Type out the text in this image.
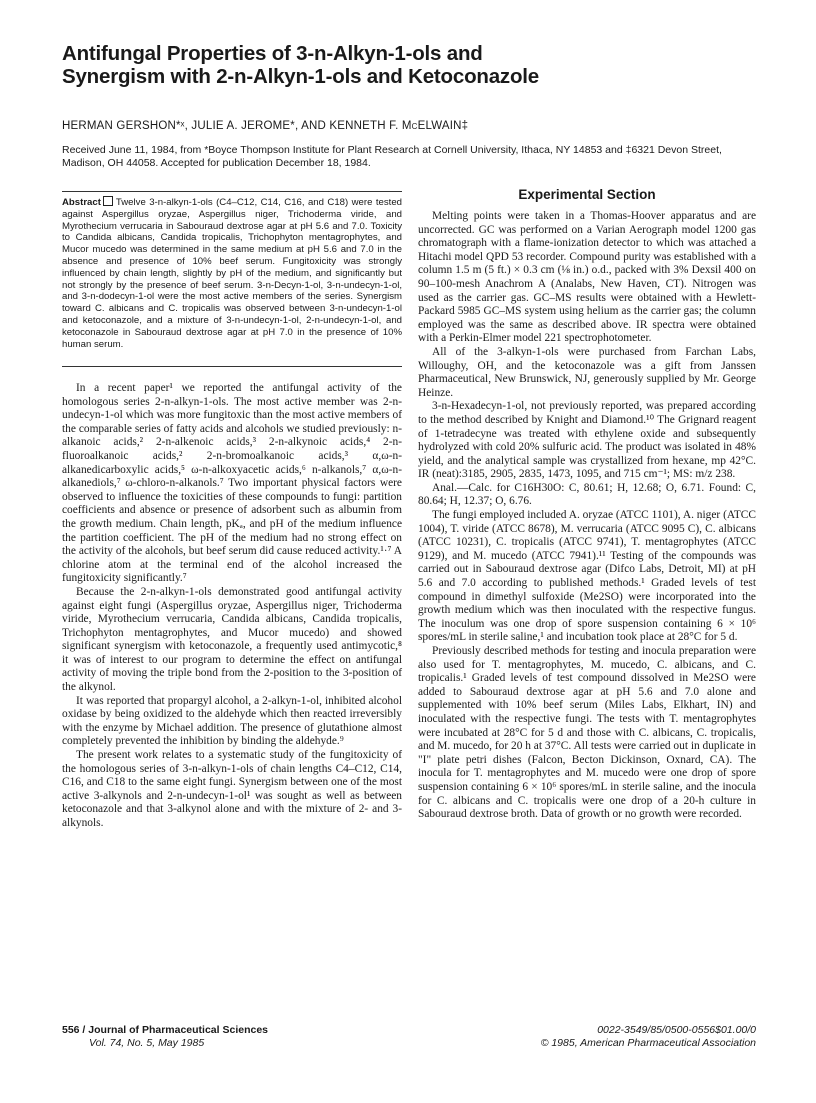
Antifungal Properties of 3-n-Alkyn-1-ols and
Synergism with 2-n-Alkyn-1-ols and Ketoconazole
HERMAN GERSHON*ˣ, JULIE A. JEROME*, AND KENNETH F. McELWAIN‡

Received June 11, 1984, from *Boyce Thompson Institute for Plant Research at Cornell University, Ithaca, NY 14853 and ‡6321 Devon Street,

Madison, OH 44058. Accepted for publication December 18, 1984.

Abstract Twelve 3-n-alkyn-1-ols (C4–C12, C14, C16, and C18) were tested against Aspergillus oryzae, Aspergillus niger, Trichoderma viride, and Myrothecium verrucaria in Sabouraud dextrose agar at pH 5.6 and 7.0. Toxicity to Candida albicans, Candida tropicalis, Trichophyton mentagrophytes, and Mucor mucedo was determined in the same medium at pH 5.6 and 7.0 in the absence and presence of 10% beef serum. Fungitoxicity was strongly influenced by chain length, slightly by pH of the medium, and significantly but not strongly by the presence of beef serum. 3-n-Decyn-1-ol, 3-n-undecyn-1-ol, and 3-n-dodecyn-1-ol were the most active members of the series. Synergism toward C. albicans and C. tropicalis was observed between 3-n-undecyn-1-ol and ketoconazole, and a mixture of 3-n-undecyn-1-ol, 2-n-undecyn-1-ol, and ketoconazole in Sabouraud dextrose agar at pH 7.0 in the presence of 10% human serum.

In a recent paper¹ we reported the antifungal activity of the homologous series 2-n-alkyn-1-ols. The most active member was 2-n-undecyn-1-ol which was more fungitoxic than the most active members of the comparable series of fatty acids and alcohols we studied previously: n-alkanoic acids,² 2-n-alkenoic acids,³ 2-n-alkynoic acids,⁴ 2-n-fluoroalkanoic acids,² 2-n-bromoalkanoic acids,³ α,ω-n-alkanedicarboxylic acids,⁵ ω-n-alkoxyacetic acids,⁶ n-alkanols,⁷ α,ω-n-alkanediols,⁷ ω-chloro-n-alkanols.⁷ Two important physical factors were observed to influence the toxicities of these compounds to fungi: partition coefficients and absence or presence of adsorbent such as albumin from the growth medium. Chain length, pKₐ, and pH of the medium influence the partition coefficient. The pH of the medium had no strong effect on the activity of the alcohols, but beef serum did cause reduced activity.¹·⁷ A chlorine atom at the terminal end of the alcohol increased the fungitoxicity significantly.⁷

Because the 2-n-alkyn-1-ols demonstrated good antifungal activity against eight fungi (Aspergillus oryzae, Aspergillus niger, Trichoderma viride, Myrothecium verrucaria, Candida albicans, Candida tropicalis, Trichophyton mentagrophytes, and Mucor mucedo) and showed significant synergism with ketoconazole, a frequently used antimycotic,⁸ it was of interest to our program to determine the effect on antifungal activity of moving the triple bond from the 2-position to the 3-position of the alkynol.

It was reported that propargyl alcohol, a 2-alkyn-1-ol, inhibited alcohol oxidase by being oxidized to the aldehyde which then reacted irreversibly with the enzyme by Michael addition. The presence of glutathione almost completely prevented the inhibition by binding the aldehyde.⁹

The present work relates to a systematic study of the fungitoxicity of the homologous series of 3-n-alkyn-1-ols of chain lengths C4–C12, C14, C16, and C18 to the same eight fungi. Synergism between one of the most active 3-alkynols and 2-n-undecyn-1-ol¹ was sought as well as between ketoconazole and that 3-alkynol alone and with the mixture of 2- and 3-alkynols.

Experimental Section

Melting points were taken in a Thomas-Hoover apparatus and are uncorrected. GC was performed on a Varian Aerograph model 1200 gas chromatograph with a flame-ionization detector to which was attached a Hitachi model QPD 53 recorder. Compound purity was established with a column 1.5 m (5 ft.) × 0.3 cm (⅛ in.) o.d., packed with 3% Dexsil 400 on 90–100-mesh Anachrom A (Analabs, New Haven, CT). Nitrogen was used as the carrier gas. GC–MS results were obtained with a Hewlett-Packard 5985 GC–MS system using helium as the carrier gas; the column employed was the same as described above. IR spectra were obtained with a Perkin-Elmer model 221 spectrophotometer.

All of the 3-alkyn-1-ols were purchased from Farchan Labs, Willoughy, OH, and the ketoconazole was a gift from Janssen Pharmaceutical, New Brunswick, NJ, generously supplied by Mr. George Heinze.

3-n-Hexadecyn-1-ol, not previously reported, was prepared according to the method described by Knight and Diamond.¹⁰ The Grignard reagent of 1-tetradecyne was treated with ethylene oxide and subsequently hydrolyzed with cold 20% sulfuric acid. The product was isolated in 48% yield, and the analytical sample was crystallized from hexane, mp 42°C. IR (neat):3185, 2905, 2835, 1473, 1095, and 715 cm⁻¹; MS: m/z 238.

Anal.—Calc. for C16H30O: C, 80.61; H, 12.68; O, 6.71. Found: C, 80.64; H, 12.37; O, 6.76.

The fungi employed included A. oryzae (ATCC 1101), A. niger (ATCC 1004), T. viride (ATCC 8678), M. verrucaria (ATCC 9095 C), C. albicans (ATCC 10231), C. tropicalis (ATCC 9741), T. mentagrophytes (ATCC 9129), and M. mucedo (ATCC 7941).¹¹ Testing of the compounds was carried out in Sabouraud dextrose agar (Difco Labs, Detroit, MI) at pH 5.6 and 7.0 according to published methods.¹ Graded levels of test compound in dimethyl sulfoxide (Me2SO) were incorporated into the growth medium which was then inoculated with the respective fungus. The inoculum was one drop of spore suspension containing 6 × 10⁶ spores/mL in sterile saline,¹ and incubation took place at 28°C for 5 d.

Previously described methods for testing and inocula preparation were also used for T. mentagrophytes, M. mucedo, C. albicans, and C. tropicalis.¹ Graded levels of test compound dissolved in Me2SO were added to Sabouraud dextrose agar at pH 5.6 and 7.0 alone and supplemented with 10% beef serum (Miles Labs, Elkhart, IN) and inoculated with the respective fungi. The tests with T. mentagrophytes were incubated at 28°C for 5 d and those with C. albicans, C. tropicalis, and M. mucedo, for 20 h at 37°C. All tests were carried out in duplicate in "I" plate petri dishes (Falcon, Becton Dickinson, Oxnard, CA). The inocula for T. mentagrophytes and M. mucedo were one drop of spore suspension containing 6 × 10⁶ spores/mL in sterile saline, and the inocula for C. albicans and C. tropicalis were one drop of a 20-h culture in Sabouraud dextrose broth. Data of growth or no growth were recorded.

556 / Journal of Pharmaceutical Sciences
Vol. 74, No. 5, May 1985
0022-3549/85/0500-0556$01.00/0
© 1985, American Pharmaceutical Association
